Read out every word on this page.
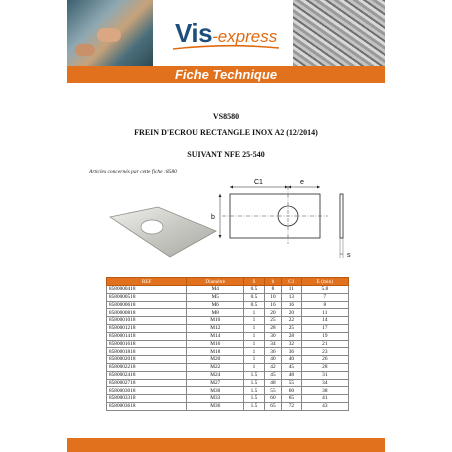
Vis-express
Fiche Technique
VS8580
FREIN D'ECROU RECTANGLE INOX A2 (12/2014)
SUIVANT NFE 25-540
Articles concernés par cette fiche :8580
C1	e
b
s
REF	Diamètre	S	b	C1	E (min)
8580000418	M4	0.5	8	11	5.8
8580000518	M5	0.5	10	13	7
8580000618	M6	0.5	16	16	8
8580000818	M8	1	20	20	11
8580001018	M10	1	25	22	14
8580001218	M12	1	28	25	17
8580001418	M14	1	30	28	19
8580001618	M16	1	34	32	21
8580001818	M18	1	36	36	23
8580002018	M20	1	40	40	26
8580002218	M22	1	42	45	28
8580002418	M24	1.5	45	48	31
8580002718	M27	1.5	48	55	34
8580003018	M30	1.5	55	60	38
8580003318	M33	1.5	60	65	41
8580003618	M36	1.5	65	72	43
